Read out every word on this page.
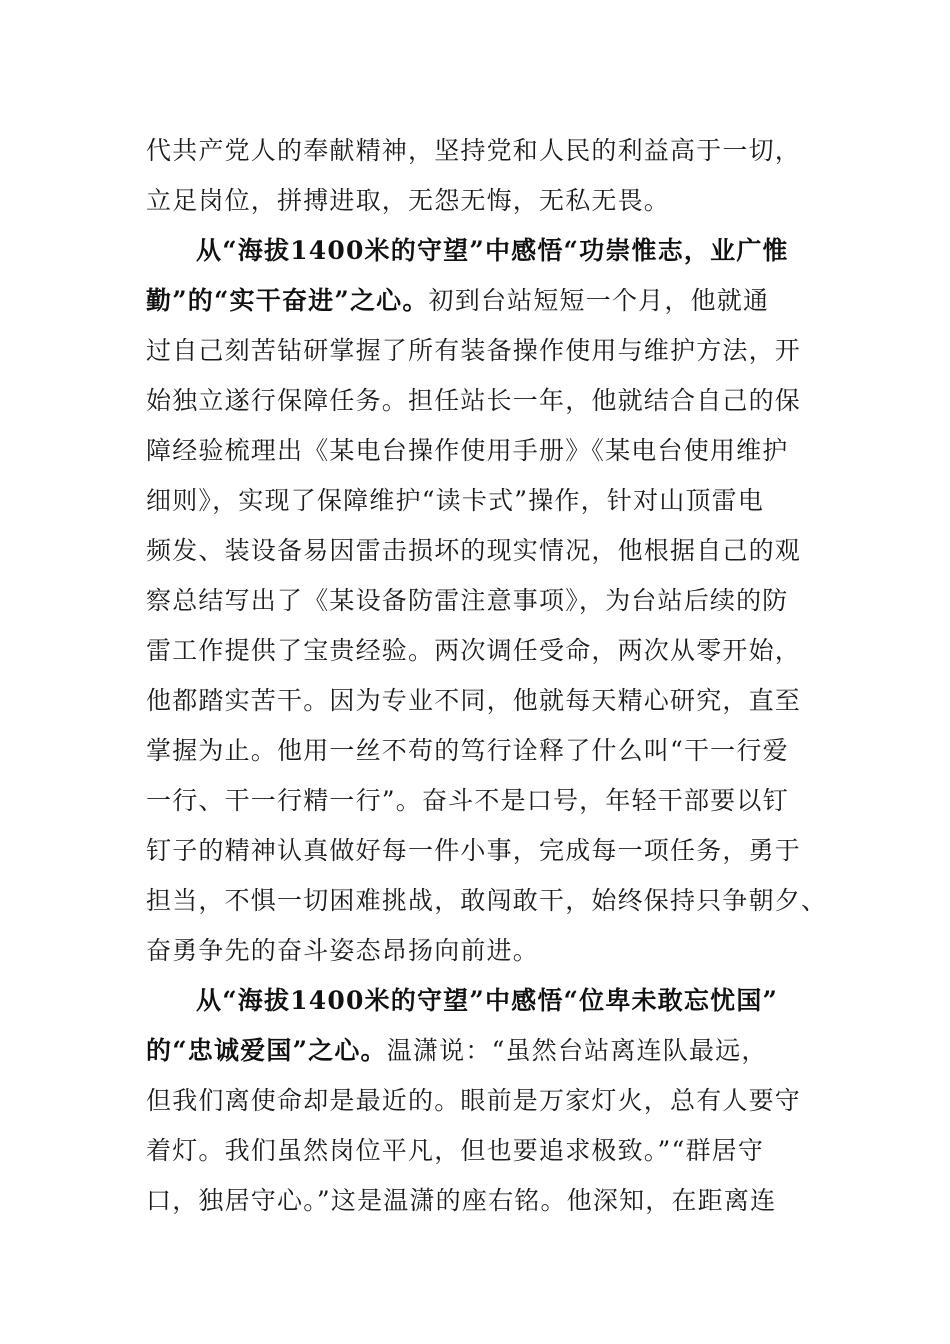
代共产党人的奉献精神，坚持党和人民的利益高于一切，
立足岗位，拼搏进取，无怨无悔，无私无畏。
从“海拔1400米的守望”中感悟“功崇惟志，业广惟
勤”的“实干奋进”之心。初到台站短短一个月，他就通
过自己刻苦钻研掌握了所有装备操作使用与维护方法，开
始独立遂行保障任务。担任站长一年，他就结合自己的保
障经验梳理出《某电台操作使用手册》《某电台使用维护
细则》，实现了保障维护“读卡式”操作，针对山顶雷电
频发、装设备易因雷击损坏的现实情况，他根据自己的观
察总结写出了《某设备防雷注意事项》，为台站后续的防
雷工作提供了宝贵经验。两次调任受命，两次从零开始，
他都踏实苦干。因为专业不同，他就每天精心研究，直至
掌握为止。他用一丝不苟的笃行诠释了什么叫“干一行爱
一行、干一行精一行”。奋斗不是口号，年轻干部要以钉
钉子的精神认真做好每一件小事，完成每一项任务，勇于
担当，不惧一切困难挑战，敢闯敢干，始终保持只争朝夕、
奋勇争先的奋斗姿态昂扬向前进。
从“海拔1400米的守望”中感悟“位卑未敢忘忧国”
的“忠诚爱国”之心。温潇说：“虽然台站离连队最远，
但我们离使命却是最近的。眼前是万家灯火，总有人要守
着灯。我们虽然岗位平凡，但也要追求极致。”“群居守
口，独居守心。”这是温潇的座右铭。他深知，在距离连
